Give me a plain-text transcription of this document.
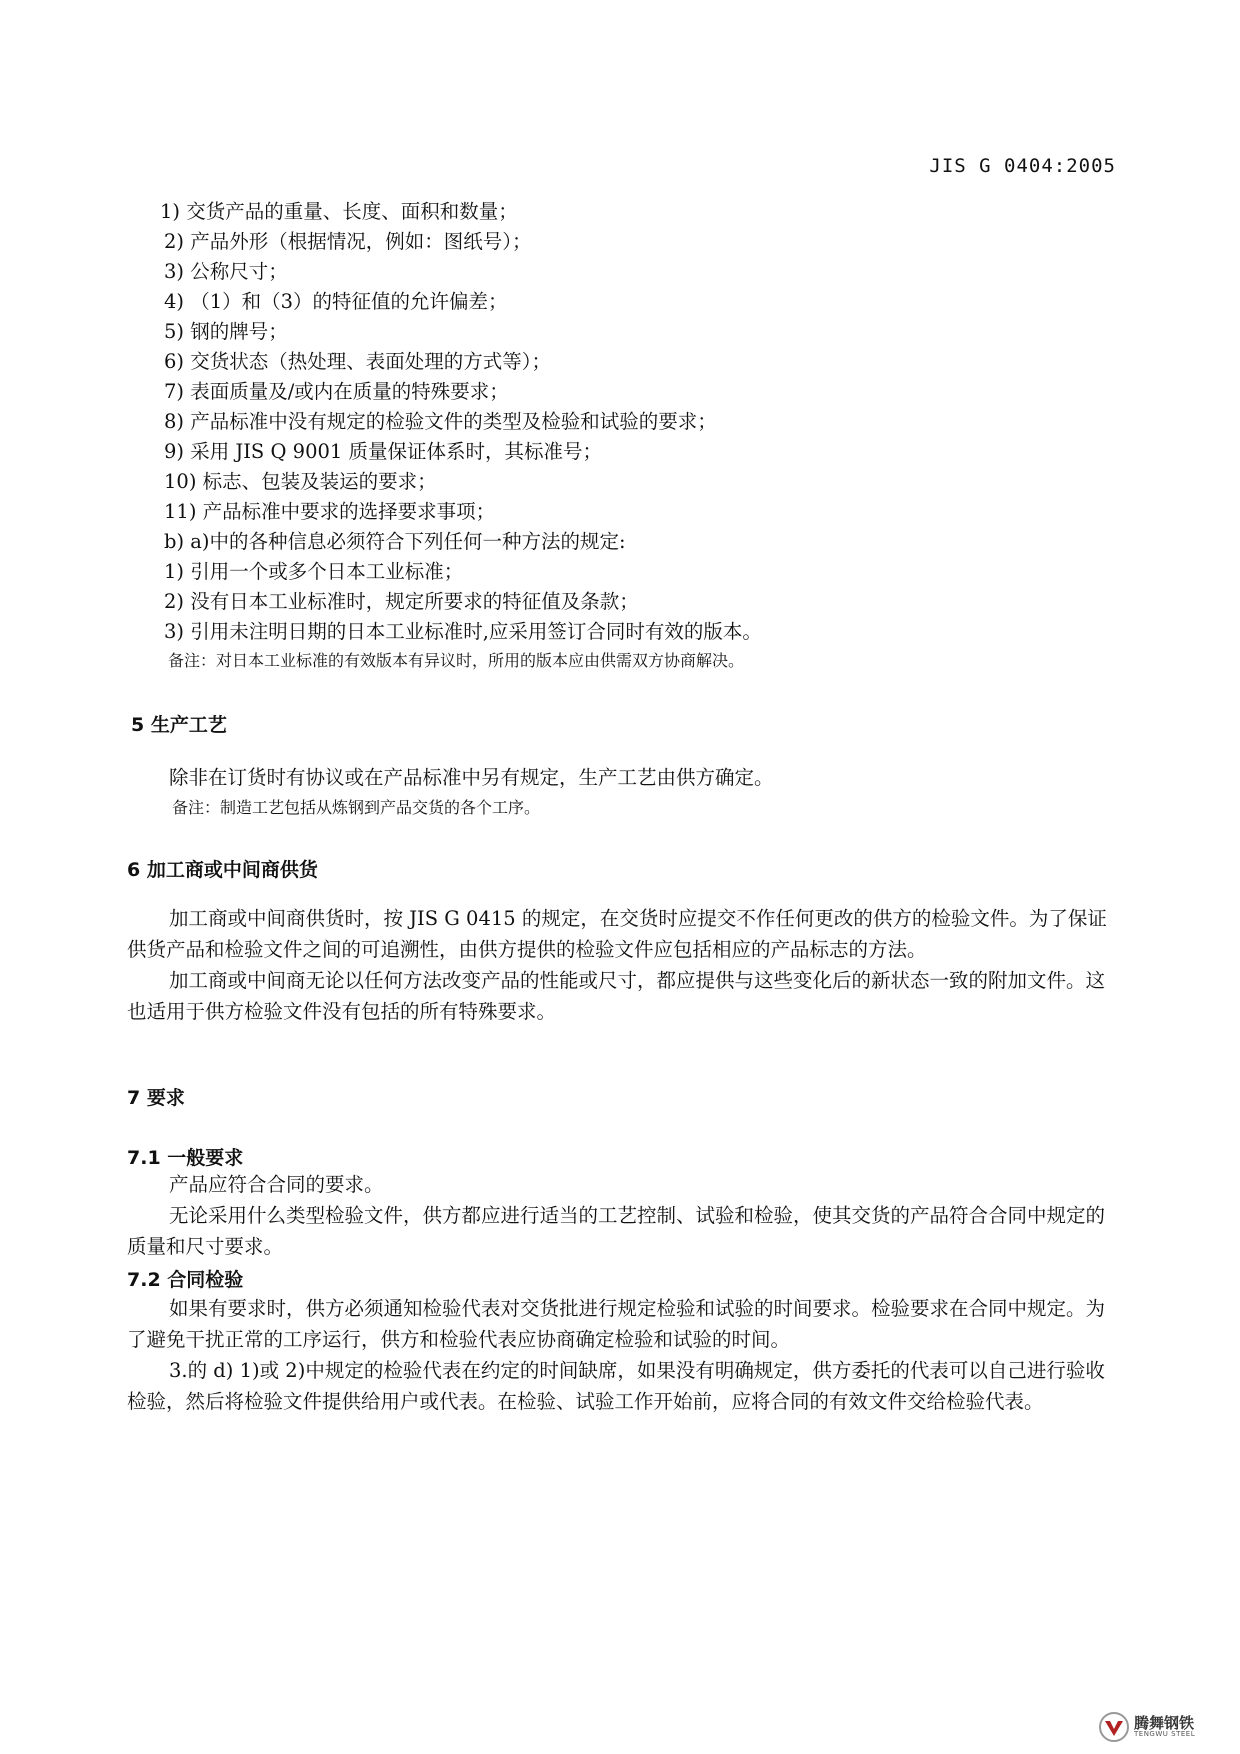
JIS G 0404:2005
1) 交货产品的重量、长度、面积和数量；
2) 产品外形（根据情况，例如：图纸号）；
3) 公称尺寸；
4) （1）和（3）的特征值的允许偏差；
5) 钢的牌号；
6) 交货状态（热处理、表面处理的方式等）；
7) 表面质量及/或内在质量的特殊要求；
8) 产品标准中没有规定的检验文件的类型及检验和试验的要求；
9) 采用 JIS Q 9001 质量保证体系时，其标准号；
10) 标志、包装及装运的要求；
11) 产品标准中要求的选择要求事项；
b) a)中的各种信息必须符合下列任何一种方法的规定:
1) 引用一个或多个日本工业标准；
2) 没有日本工业标准时，规定所要求的特征值及条款；
3) 引用未注明日期的日本工业标准时,应采用签订合同时有效的版本。
备注：对日本工业标准的有效版本有异议时，所用的版本应由供需双方协商解决。
5 生产工艺
除非在订货时有协议或在产品标准中另有规定，生产工艺由供方确定。
备注：制造工艺包括从炼钢到产品交货的各个工序。
6 加工商或中间商供货

加工商或中间商供货时，按 JIS G 0415 的规定，在交货时应提交不作任何更改的供方的检验文件。为了保证供货产品和检验文件之间的可追溯性，由供方提供的检验文件应包括相应的产品标志的方法。

加工商或中间商无论以任何方法改变产品的性能或尺寸，都应提供与这些变化后的新状态一致的附加文件。这也适用于供方检验文件没有包括的所有特殊要求。

7 要求
7.1 一般要求

产品应符合合同的要求。

无论采用什么类型检验文件，供方都应进行适当的工艺控制、试验和检验，使其交货的产品符合合同中规定的质量和尺寸要求。

7.2 合同检验

如果有要求时，供方必须通知检验代表对交货批进行规定检验和试验的时间要求。检验要求在合同中规定。为了避免干扰正常的工序运行，供方和检验代表应协商确定检验和试验的时间。

3.的 d) 1)或 2)中规定的检验代表在约定的时间缺席，如果没有明确规定，供方委托的代表可以自己进行验收检验，然后将检验文件提供给用户或代表。在检验、试验工作开始前，应将合同的有效文件交给检验代表。

腾舞钢铁
TENGWU STEEL
